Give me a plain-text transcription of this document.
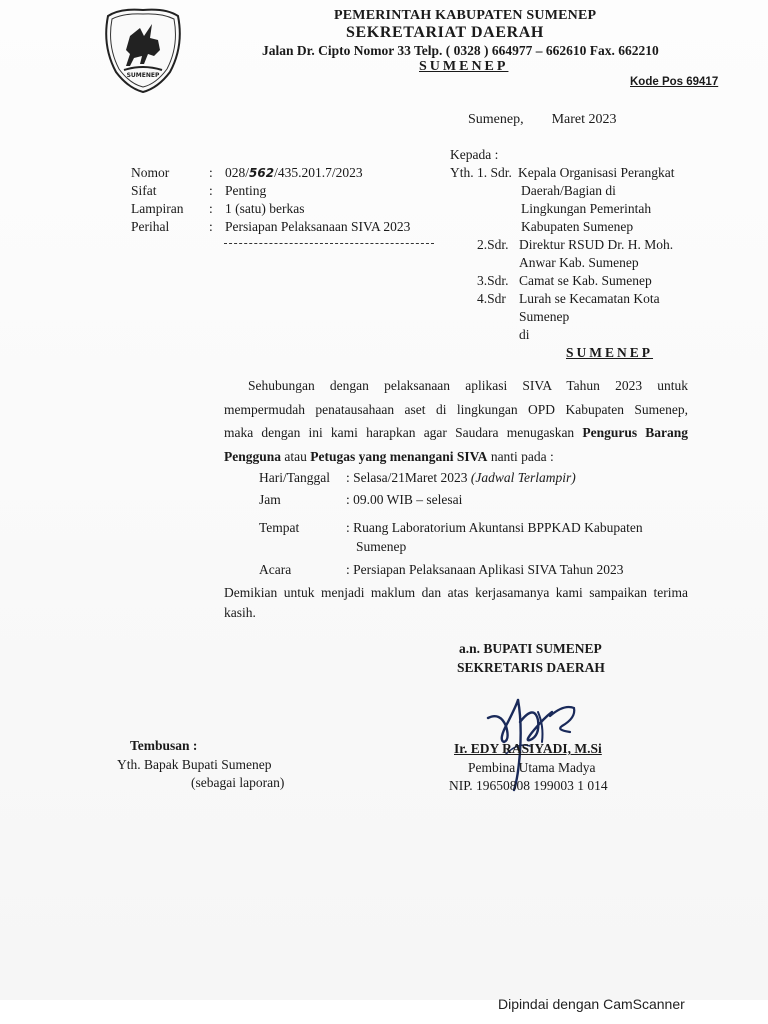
SUMENEP
PEMERINTAH KABUPATEN SUMENEP
SEKRETARIAT DAERAH
Jalan Dr. Cipto Nomor 33 Telp. ( 0328 ) 664977 – 662610 Fax. 662210
SUMENEP
Kode Pos 69417
Sumenep, Maret 2023
Nomor	: 028/562/435.201.7/2023
Sifat	: Penting
Lampiran : 1 (satu) berkas
Perihal	: Persiapan Pelaksanaan SIVA 2023
Kepada :
Yth. 1. Sdr. Kepala Organisasi Perangkat
Daerah/Bagian di
Lingkungan Pemerintah
Kabupaten Sumenep
2.Sdr. Direktur RSUD Dr. H. Moh.
Anwar Kab. Sumenep
3.Sdr. Camat se Kab. Sumenep
4.Sdr Lurah se Kecamatan Kota
Sumenep
di
SUMENEP
Sehubungan dengan pelaksanaan aplikasi SIVA Tahun 2023 untuk
mempermudah penatausahaan aset di lingkungan OPD Kabupaten Sumenep,
maka dengan ini kami harapkan agar Saudara menugaskan Pengurus Barang
Pengguna atau Petugas yang menangani SIVA nanti pada :
Hari/Tanggal : Selasa/21Maret 2023 (Jadwal Terlampir)
Jam	: 09.00 WIB – selesai
Tempat	: Ruang Laboratorium Akuntansi BPPKAD Kabupaten
Sumenep
Acara	: Persiapan Pelaksanaan Aplikasi SIVA Tahun 2023
Demikian untuk menjadi maklum dan atas kerjasamanya kami sampaikan terima
kasih.
a.n. BUPATI SUMENEP
SEKRETARIS DAERAH
Ir. EDY RASIYADI, M.Si
Pembina Utama Madya
NIP. 19650808 199003 1 014
Tembusan :
Yth. Bapak Bupati Sumenep
(sebagai laporan)
Dipindai dengan CamScanner
